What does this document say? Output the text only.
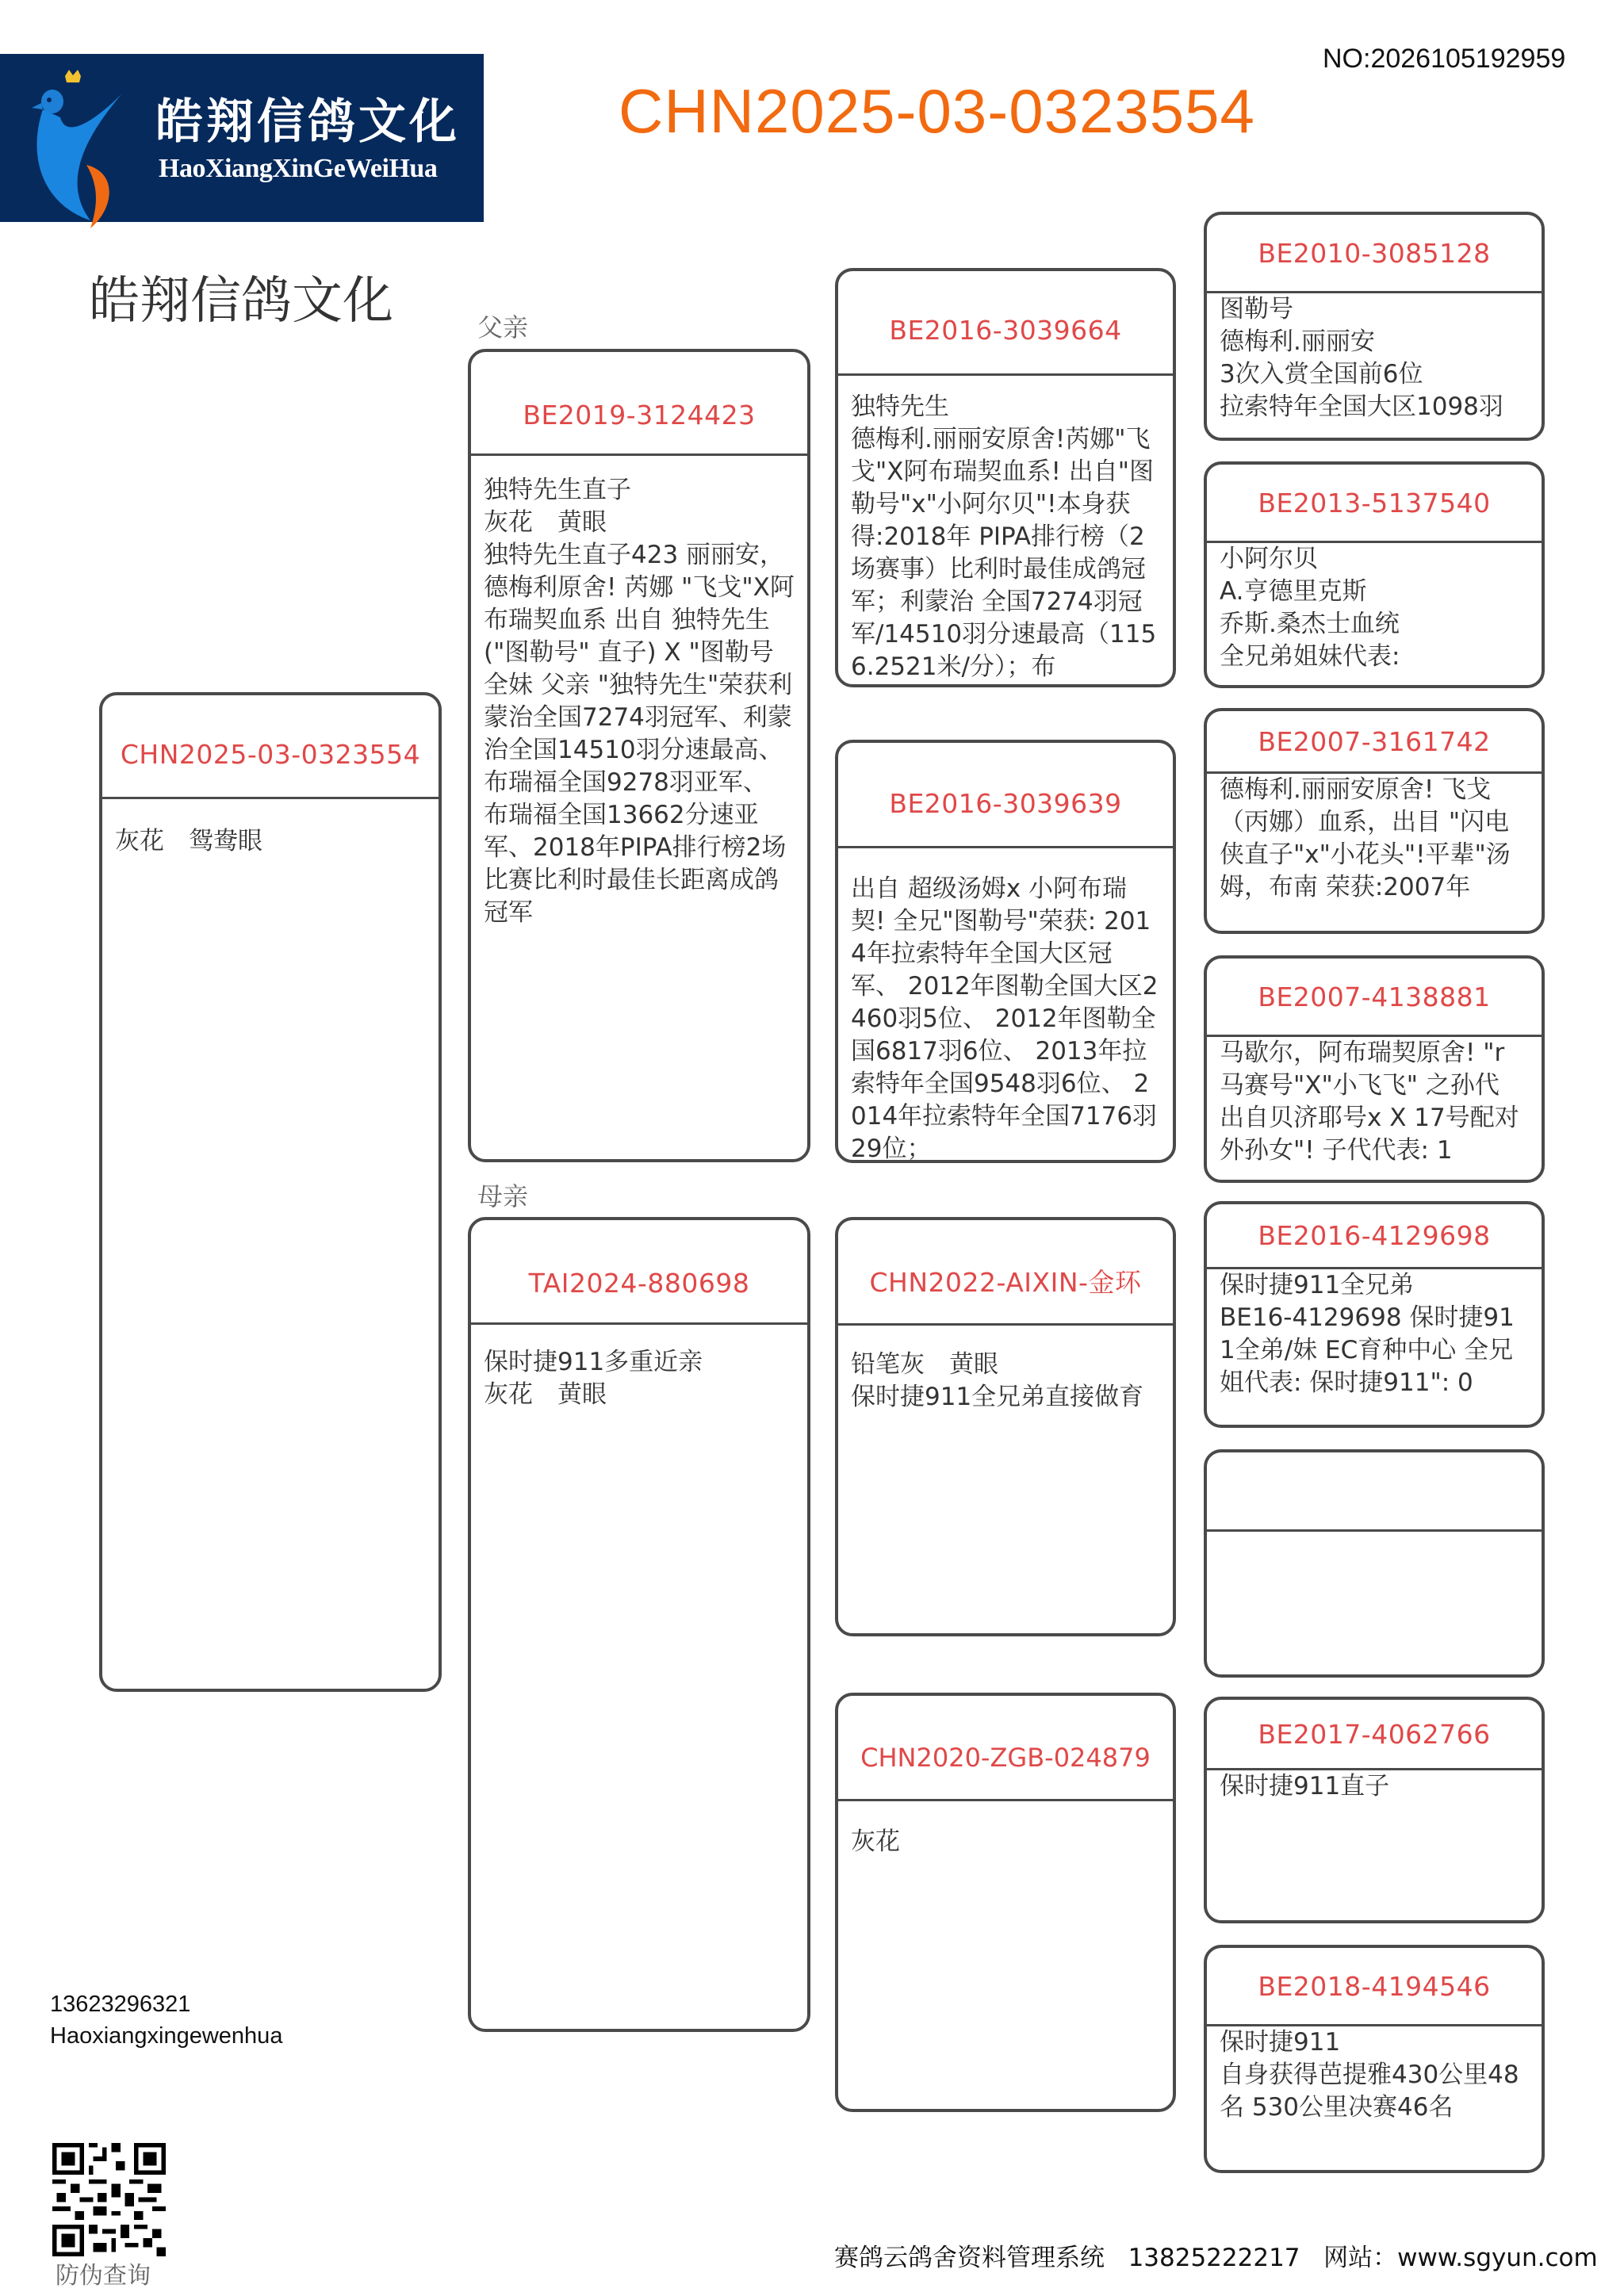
皓翔信鸽文化
HaoXiangXinGeWeiHua
CHN2025-03-0323554
NO:2026105192959
皓翔信鸽文化	父亲
母亲
CHN2025-03-0323554
灰花　鸳鸯眼
BE2019-3124423
独特先生直子
灰花　黄眼
独特先生直子423 丽丽安，德梅利原舍! 芮娜 "飞戈"X阿布瑞契血系 出自 独特先生 ("图勒号" 直子) X "图勒号 全妹 父亲 "独特先生"荣获利蒙治全国7274羽冠军、利蒙 治全国14510羽分速最高、布瑞福全国9278羽亚军、 布瑞福全国13662分速亚军、2018年PIPA排行榜2场 比赛比利时最佳长距离成鸽冠军
TAI2024-880698
保时捷911多重近亲
灰花　黄眼
BE2016-3039664
独特先生
德梅利.丽丽安原舍!芮娜"飞戈"X阿布瑞契血系! 出自"图勒号"x"小阿尔贝"!本身获得:2018年 PIPA排行榜（2场赛事）比利时最佳成鸽冠军；利蒙治 全国7274羽冠军/14510羽分速最高（1156.2521米/分）；布
BE2016-3039639
出自 超级汤姆x 小阿布瑞契! 全兄"图勒号"荣获: 2014年拉索特年全国大区冠军、 2012年图勒全国大区2460羽5位、 2012年图勒全国6817羽6位、 2013年拉索特年全国9548羽6位、 2014年拉索特年全国7176羽29位；
CHN2022-AIXIN-金环
铅笔灰　黄眼
保时捷911全兄弟直接做育
CHN2020-ZGB-024879
灰花
BE2010-3085128
图勒号
德梅利.丽丽安
3次入赏全国前6位
拉索特年全国大区1098羽
BE2013-5137540
小阿尔贝
A.亨德里克斯
乔斯.桑杰士血统
全兄弟姐妹代表:
BE2007-3161742
德梅利.丽丽安原舍! 飞戈（丙娜）血系，出目 "闪电侠直子"x"小花头"!平辈"汤姆，布南 荣获:2007年
BE2007-4138881
马歇尔，阿布瑞契原舍! "r 马赛号"X"小飞飞" 之孙代 出自贝济耶号x X 17号配对外孙女"! 子代代表: 1
BE2016-4129698
保时捷911全兄弟
BE16-4129698 保时捷911全弟/妹 EC育种中心 全兄姐代表: 保时捷911": 0
BE2017-4062766
保时捷911直子
BE2018-4194546
保时捷911
自身获得芭提雅430公里48名 530公里决赛46名
13623296321
Haoxiangxingewenhua
防伪查询
赛鸽云鸽舍资料管理系统 13825222217 网站：www.sgyun.com
